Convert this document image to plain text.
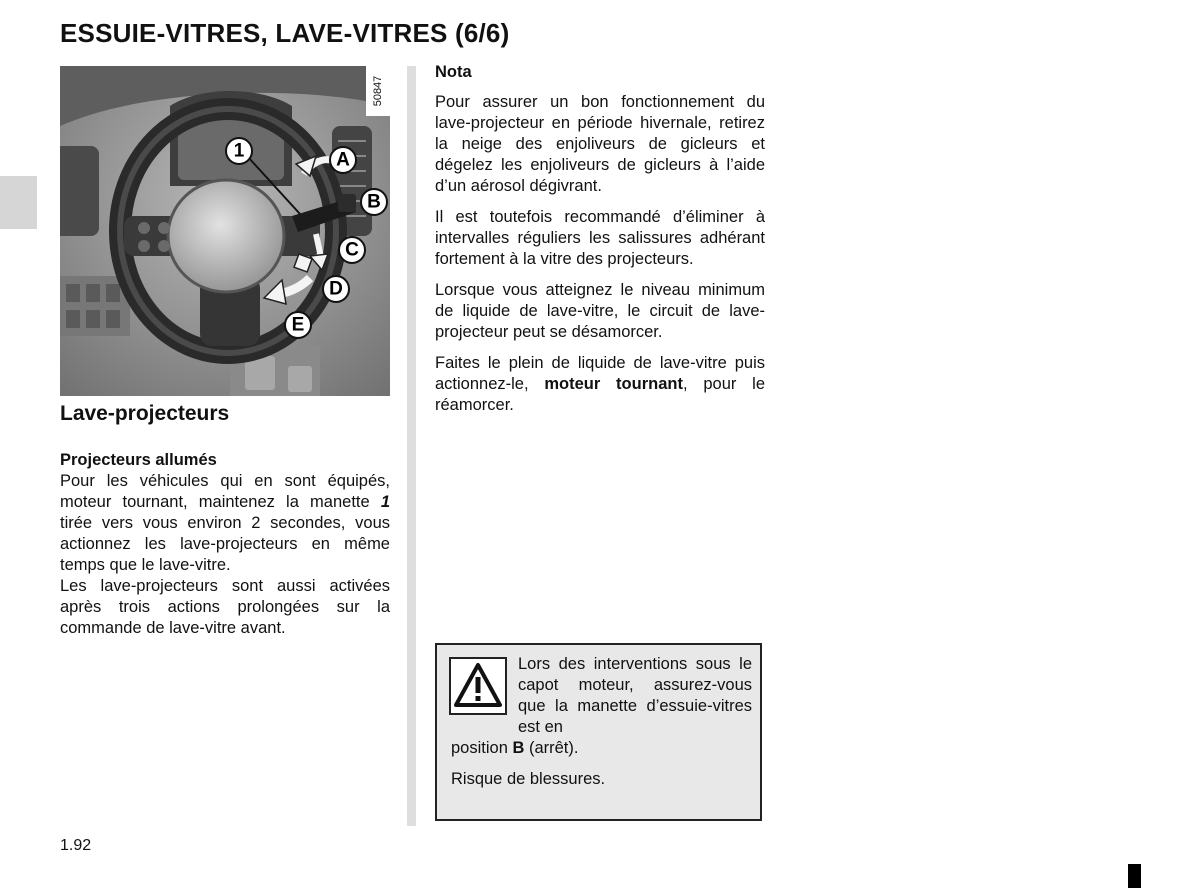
ESSUIE-VITRES, LAVE-VITRES (6/6)
50847
1	A
B
C
D
E
Lave-projecteurs
Projecteurs allumés

Pour les véhicules qui en sont équipés, moteur tournant, maintenez la manette 1 tirée vers vous environ 2 secondes, vous actionnez les lave-projecteurs en même temps que le lave-vitre.

Les lave-projecteurs sont aussi activées après trois actions prolongées sur la commande de lave-vitre avant.

Nota

Pour assurer un bon fonctionnement du lave-projecteur en période hivernale, retirez la neige des enjoliveurs de gicleurs et dégelez les enjoliveurs de gicleurs à l’aide d’un aérosol dégivrant.

Il est toutefois recommandé d’éliminer à intervalles réguliers les salissures adhérant fortement à la vitre des projecteurs.

Lorsque vous atteignez le niveau minimum de liquide de lave-vitre, le circuit de lave-projecteur peut se désamorcer.

Faites le plein de liquide de lave-vitre puis actionnez-le, moteur tournant, pour le réamorcer.

Lors des interventions sous le capot moteur, assurez-vous que la manette d’essuie-vitres est en
position B (arrêt).
Risque de blessures.
1.92
